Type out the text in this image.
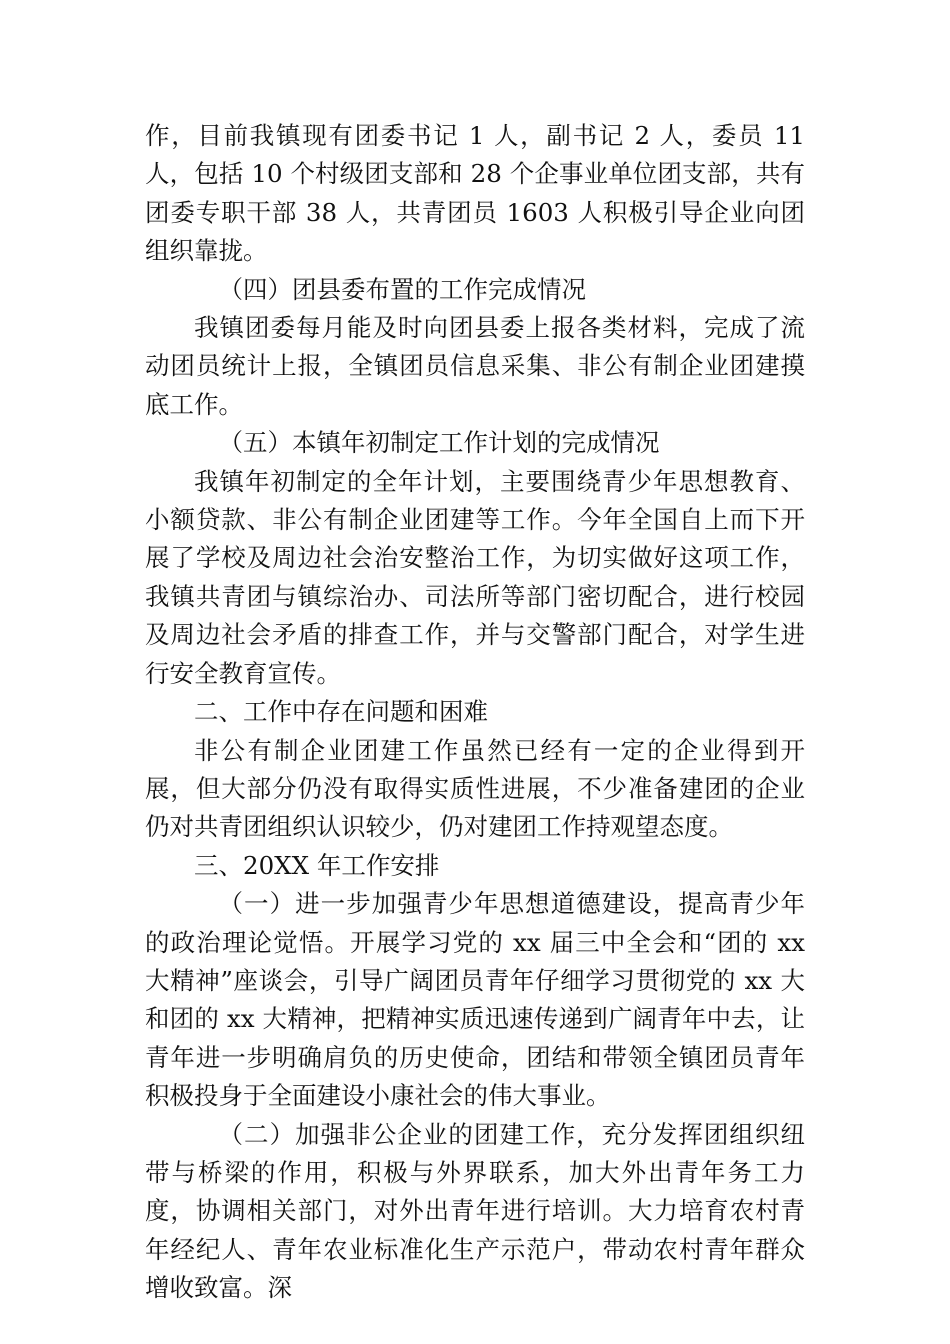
作，目前我镇现有团委书记 1 人，副书记 2 人，委员 11 人，包括 10 个村级团支部和 28 个企事业单位团支部，共有团委专职干部 38 人，共青团员 1603 人积极引导企业向团组织靠拢。

（四）团县委布置的工作完成情况

我镇团委每月能及时向团县委上报各类材料，完成了流动团员统计上报，全镇团员信息采集、非公有制企业团建摸底工作。

（五）本镇年初制定工作计划的完成情况

我镇年初制定的全年计划，主要围绕青少年思想教育、小额贷款、非公有制企业团建等工作。今年全国自上而下开展了学校及周边社会治安整治工作，为切实做好这项工作，我镇共青团与镇综治办、司法所等部门密切配合，进行校园及周边社会矛盾的排查工作，并与交警部门配合，对学生进行安全教育宣传。

二、工作中存在问题和困难

非公有制企业团建工作虽然已经有一定的企业得到开展，但大部分仍没有取得实质性进展，不少准备建团的企业仍对共青团组织认识较少，仍对建团工作持观望态度。

三、20XX 年工作安排

（一）进一步加强青少年思想道德建设，提高青少年的政治理论觉悟。开展学习党的 xx 届三中全会和“团的 xx 大精神”座谈会，引导广阔团员青年仔细学习贯彻党的 xx 大和团的 xx 大精神，把精神实质迅速传递到广阔青年中去，让青年进一步明确肩负的历史使命，团结和带领全镇团员青年积极投身于全面建设小康社会的伟大事业。

（二）加强非公企业的团建工作，充分发挥团组织纽带与桥梁的作用，积极与外界联系，加大外出青年务工力度，协调相关部门，对外出青年进行培训。大力培育农村青年经纪人、青年农业标准化生产示范户，带动农村青年群众增收致富。深
